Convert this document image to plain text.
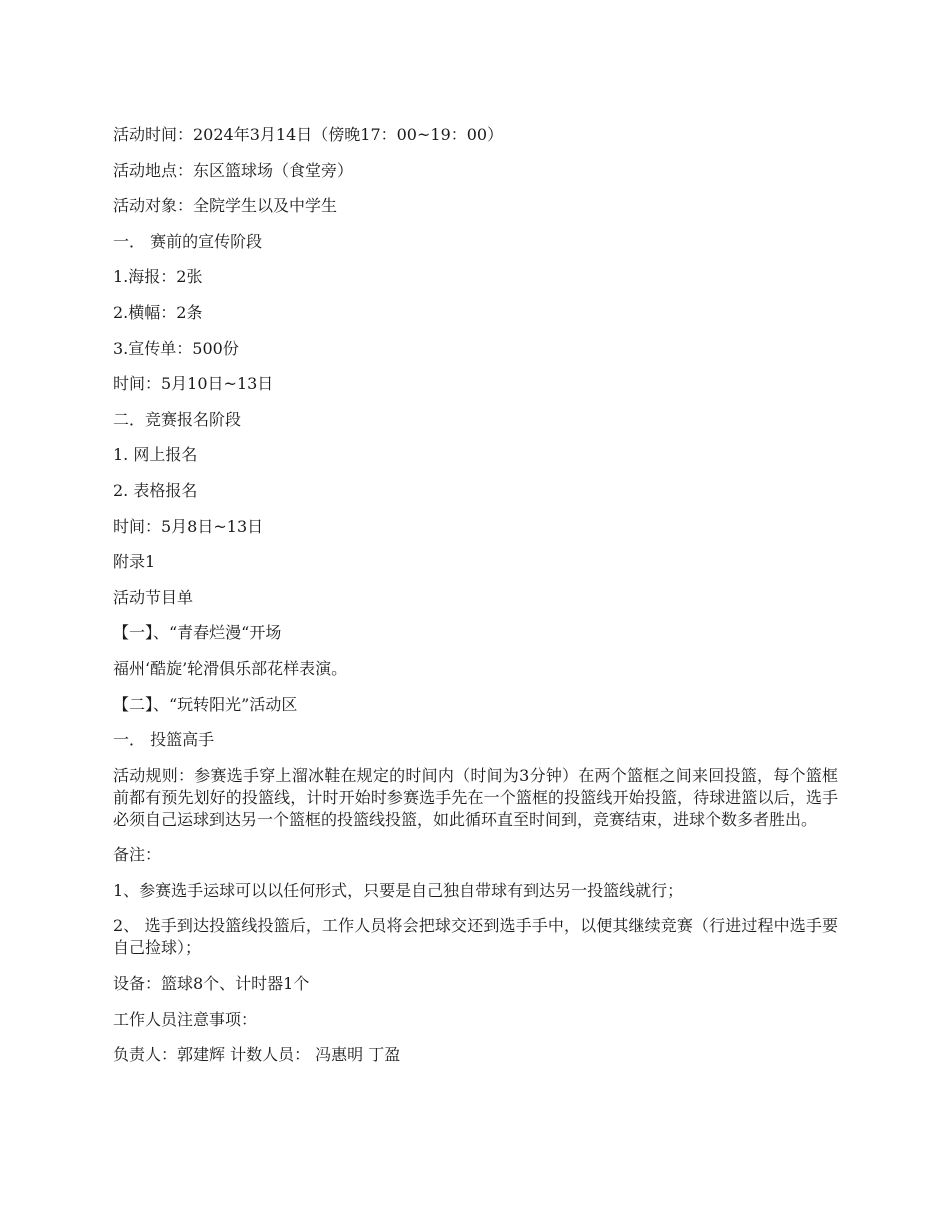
活动时间：2024年3月14日（傍晚17：00~19：00）
活动地点：东区篮球场（食堂旁）
活动对象：全院学生以及中学生
一． 赛前的宣传阶段
1.海报：2张
2.横幅：2条
3.宣传单：500份
时间：5月10日~13日
二．竞赛报名阶段
1. 网上报名
2. 表格报名
时间：5月8日~13日
附录1
活动节目单
【一】、“青春烂漫“开场
福州‘酷旋’轮滑俱乐部花样表演。
【二】、“玩转阳光”活动区
一． 投篮高手
活动规则：参赛选手穿上溜冰鞋在规定的时间内（时间为3分钟）在两个篮框之间来回投篮，每个篮框前都有预先划好的投篮线，计时开始时参赛选手先在一个篮框的投篮线开始投篮，待球进篮以后，选手必须自己运球到达另一个篮框的投篮线投篮，如此循环直至时间到，竞赛结束，进球个数多者胜出。
备注：
1、参赛选手运球可以以任何形式，只要是自己独自带球有到达另一投篮线就行；
2、 选手到达投篮线投篮后，工作人员将会把球交还到选手手中，以便其继续竞赛（行进过程中选手要自己捡球）；
设备：篮球8个、计时器1个
工作人员注意事项：
负责人：郭建辉 计数人员： 冯惠明 丁盈
